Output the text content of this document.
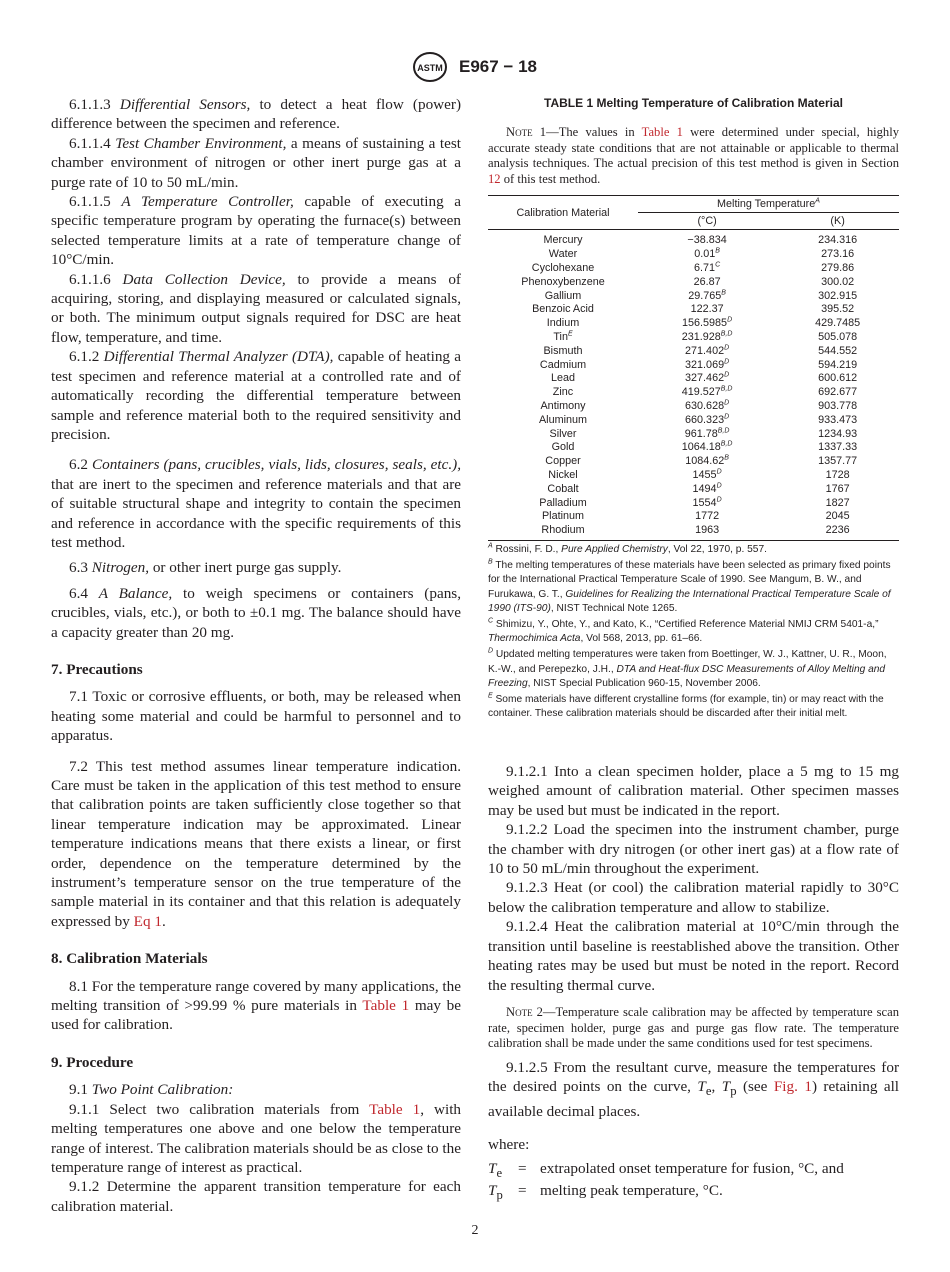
ASTM E967 − 18

6.1.1.3 Differential Sensors, to detect a heat flow (power) difference between the specimen and reference.

6.1.1.4 Test Chamber Environment, a means of sustaining a test chamber environment of nitrogen or other inert purge gas at a purge rate of 10 to 50 mL/min.

6.1.1.5 A Temperature Controller, capable of executing a specific temperature program by operating the furnace(s) between selected temperature limits at a rate of temperature change of 10°C/min.

6.1.1.6 Data Collection Device, to provide a means of acquiring, storing, and displaying measured or calculated signals, or both. The minimum output signals required for DSC are heat flow, temperature, and time.

6.1.2 Differential Thermal Analyzer (DTA), capable of heating a test specimen and reference material at a controlled rate and of automatically recording the differential temperature between sample and reference material both to the required sensitivity and precision.

6.2 Containers (pans, crucibles, vials, lids, closures, seals, etc.), that are inert to the specimen and reference materials and that are of suitable structural shape and integrity to contain the specimen and reference in accordance with the specific requirements of this test method.

6.3 Nitrogen, or other inert purge gas supply.

6.4 A Balance, to weigh specimens or containers (pans, crucibles, vials, etc.), or both to ±0.1 mg. The balance should have a capacity greater than 20 mg.

7. Precautions

7.1 Toxic or corrosive effluents, or both, may be released when heating some material and could be harmful to personnel and to apparatus.

7.2 This test method assumes linear temperature indication. Care must be taken in the application of this test method to ensure that calibration points are taken sufficiently close together so that linear temperature indication may be approximated. Linear temperature indications means that there exists a linear, or first order, dependence on the temperature determined by the instrument’s temperature sensor on the true temperature of the sample material in its container and that this relation is adequately expressed by Eq 1.

8. Calibration Materials

8.1 For the temperature range covered by many applications, the melting transition of >99.99 % pure materials in Table 1 may be used for calibration.

9. Procedure

9.1 Two Point Calibration:

9.1.1 Select two calibration materials from Table 1, with melting temperatures one above and one below the temperature range of interest. The calibration materials should be as close to the temperature range of interest as practical.

9.1.2 Determine the apparent transition temperature for each calibration material.

TABLE 1 Melting Temperature of Calibration Material

Note 1—The values in Table 1 were determined under special, highly accurate steady state conditions that are not attainable or applicable to thermal analysis techniques. The actual precision of this test method is given in Section 12 of this test method.

Calibration Material	Melting Temperature$^A$
	(°C)	(K)
Mercury	−38.834	234.316
Water	$0.01^B$	273.16
Cyclohexane	$6.71^C$	279.86
Phenoxybenzene	26.87	300.02
Gallium	$29.765^B$	302.915
Benzoic Acid	122.37	395.52
Indium	$156.5985^D$	429.7485
Tin$^E$	$231.928^{B,D}$	505.078
Bismuth	$271.402^D$	544.552
Cadmium	$321.069^D$	594.219
Lead	$327.462^D$	600.612
Zinc	$419.527^{B,D}$	692.677
Antimony	$630.628^D$	903.778
Aluminum	$660.323^D$	933.473
Silver	$961.78^{B,D}$	1234.93
Gold	$1064.18^{B,D}$	1337.33
Copper	$1084.62^B$	1357.77
Nickel	$1455^D$	1728
Cobalt	$1494^D$	1767
Palladium	$1554^D$	1827
Platinum	1772	2045
Rhodium	1963	2236

$^A$ Rossini, F. D., Pure Applied Chemistry, Vol 22, 1970, p. 557.

$^B$ The melting temperatures of these materials have been selected as primary fixed points for the International Practical Temperature Scale of 1990. See Mangum, B. W., and Furukawa, G. T., Guidelines for Realizing the International Practical Temperature Scale of 1990 (ITS-90), NIST Technical Note 1265.

$^C$ Shimizu, Y., Ohte, Y., and Kato, K., “Certified Reference Material NMIJ CRM 5401-a,” Thermochimica Acta, Vol 568, 2013, pp. 61–66.

$^D$ Updated melting temperatures were taken from Boettinger, W. J., Kattner, U. R., Moon, K.-W., and Perepezko, J.H., DTA and Heat-flux DSC Measurements of Alloy Melting and Freezing, NIST Special Publication 960-15, November 2006.

$^E$ Some materials have different crystalline forms (for example, tin) or may react with the container. These calibration materials should be discarded after their initial melt.

9.1.2.1 Into a clean specimen holder, place a 5 mg to 15 mg weighed amount of calibration material. Other specimen masses may be used but must be indicated in the report.

9.1.2.2 Load the specimen into the instrument chamber, purge the chamber with dry nitrogen (or other inert gas) at a flow rate of 10 to 50 mL/min throughout the experiment.

9.1.2.3 Heat (or cool) the calibration material rapidly to 30°C below the calibration temperature and allow to stabilize.

9.1.2.4 Heat the calibration material at 10°C/min through the transition until baseline is reestablished above the transition. Other heating rates may be used but must be noted in the report. Record the resulting thermal curve.

Note 2—Temperature scale calibration may be affected by temperature scan rate, specimen holder, purge gas and purge gas flow rate. The temperature calibration shall be made under the same conditions used for test specimens.

9.1.2.5 From the resultant curve, measure the temperatures for the desired points on the curve, $T_e$, $T_p$ (see Fig. 1) retaining all available decimal places.

where:

$T_e$	= extrapolated onset temperature for fusion, °C, and
$T_p$	= melting peak temperature, °C.
2
